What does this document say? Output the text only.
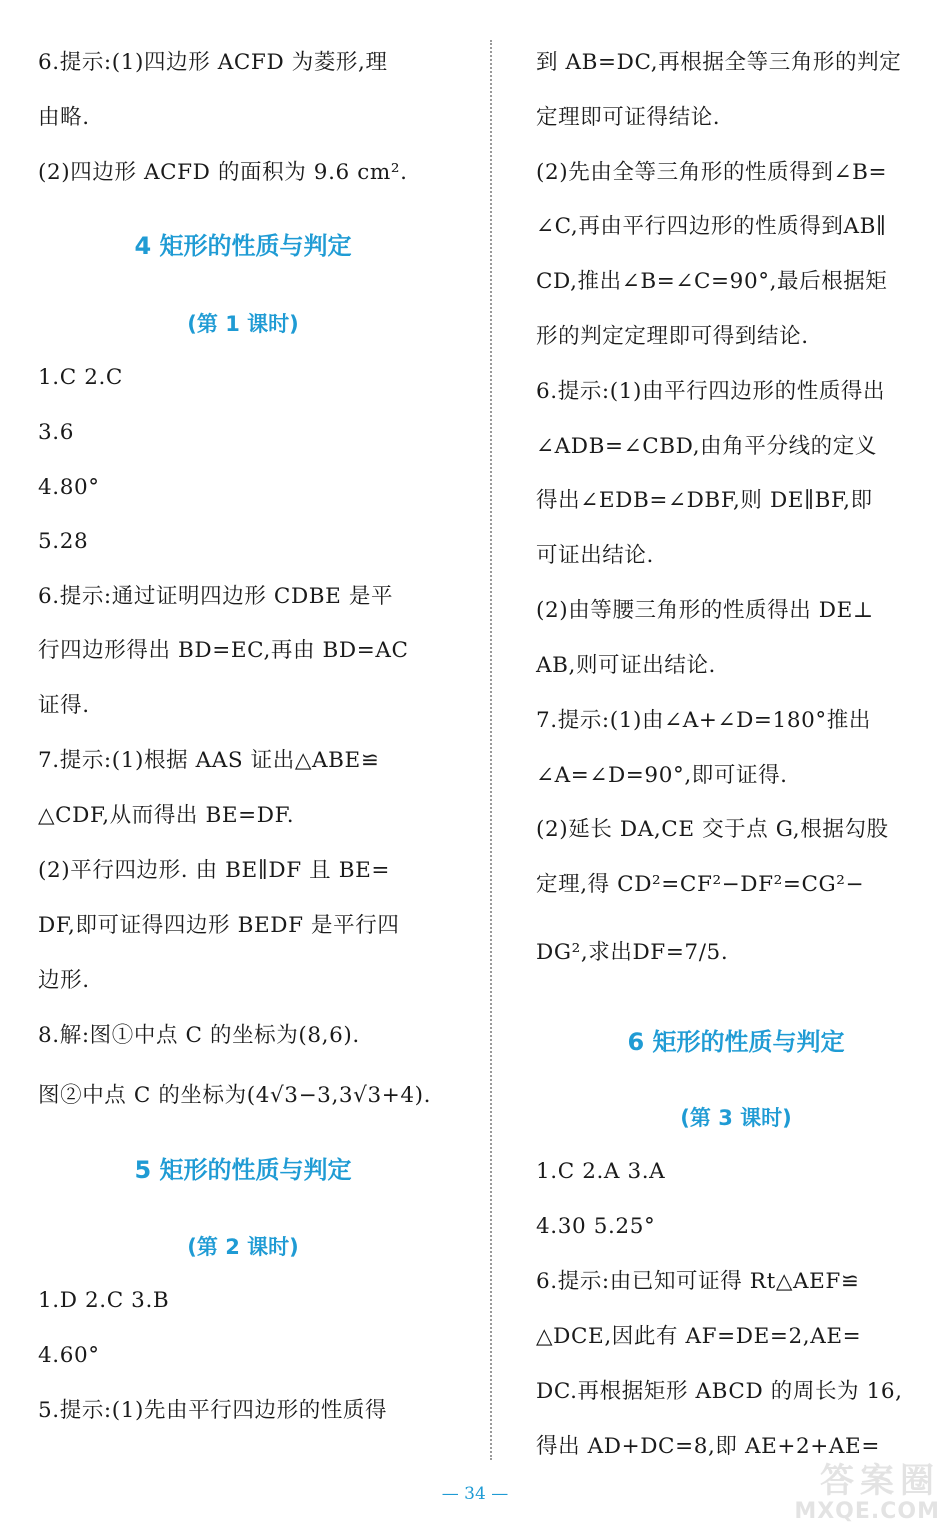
6.提示:(1)四边形 ACFD 为菱形,理
由略.
(2)四边形 ACFD 的面积为 9.6 cm².
4 矩形的性质与判定
(第 1 课时)
1.C 2.C
3.6
4.80°
5.28
6.提示:通过证明四边形 CDBE 是平
行四边形得出 BD=EC,再由 BD=AC
证得.
7.提示:(1)根据 AAS 证出△ABE≌
△CDF,从而得出 BE=DF.
(2)平行四边形. 由 BE∥DF 且 BE=
DF,即可证得四边形 BEDF 是平行四
边形.
8.解:图①中点 C 的坐标为(8,6).
图②中点 C 的坐标为(4√3−3,3√3+4).
5 矩形的性质与判定
(第 2 课时)
1.D 2.C 3.B
4.60°
5.提示:(1)先由平行四边形的性质得
到 AB=DC,再根据全等三角形的判定
定理即可证得结论.
(2)先由全等三角形的性质得到∠B=
∠C,再由平行四边形的性质得到AB∥
CD,推出∠B=∠C=90°,最后根据矩
形的判定定理即可得到结论.
6.提示:(1)由平行四边形的性质得出
∠ADB=∠CBD,由角平分线的定义
得出∠EDB=∠DBF,则 DE∥BF,即
可证出结论.
(2)由等腰三角形的性质得出 DE⊥
AB,则可证出结论.
7.提示:(1)由∠A+∠D=180°推出
∠A=∠D=90°,即可证得.
(2)延长 DA,CE 交于点 G,根据勾股
定理,得 CD²=CF²−DF²=CG²−
DG²,求出DF=7/5.
6 矩形的性质与判定
(第 3 课时)
1.C 2.A 3.A
4.30 5.25°
6.提示:由已知可证得 Rt△AEF≌
△DCE,因此有 AF=DE=2,AE=
DC.再根据矩形 ABCD 的周长为 16,
得出 AD+DC=8,即 AE+2+AE=
— 34 —	答案圈
MXQE.COM
